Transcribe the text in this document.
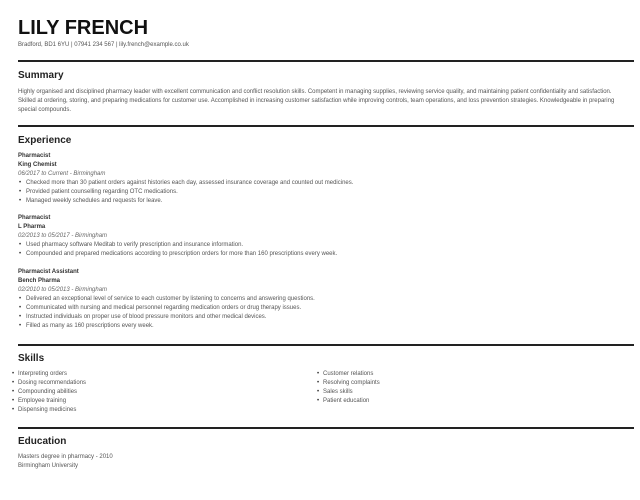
LILY FRENCH
Bradford, BD1 6YU | 07941 234 567 | lily.french@example.co.uk
Summary
Highly organised and disciplined pharmacy leader with excellent communication and conflict resolution skills. Competent in managing supplies, reviewing service quality, and maintaining patient confidentiality and satisfaction. Skilled at ordering, storing, and preparing medications for customer use. Accomplished in increasing customer satisfaction while improving controls, team operations, and loss prevention strategies. Knowledgeable in preparing special compounds.
Experience
Pharmacist
King Chemist
06/2017 to Current - Birmingham
• Checked more than 30 patient orders against histories each day, assessed insurance coverage and counted out medicines.
• Provided patient counselling regarding OTC medications.
• Managed weekly schedules and requests for leave.
Pharmacist
L Pharma
02/2013 to 05/2017 - Birmingham
• Used pharmacy software Meditab to verify prescription and insurance information.
• Compounded and prepared medications according to prescription orders for more than 160 prescriptions every week.
Pharmacist Assistant
Bench Pharma
02/2010 to 05/2013 - Birmingham
• Delivered an exceptional level of service to each customer by listening to concerns and answering questions.
• Communicated with nursing and medical personnel regarding medication orders or drug therapy issues.
• Instructed individuals on proper use of blood pressure monitors and other medical devices.
• Filled as many as 160 prescriptions every week.
Skills
• Interpreting orders
• Dosing recommendations
• Compounding abilities
• Employee training
• Dispensing medicines
• Customer relations
• Resolving complaints
• Sales skills
• Patient education
Education
Masters degree in pharmacy - 2010
Birmingham University
